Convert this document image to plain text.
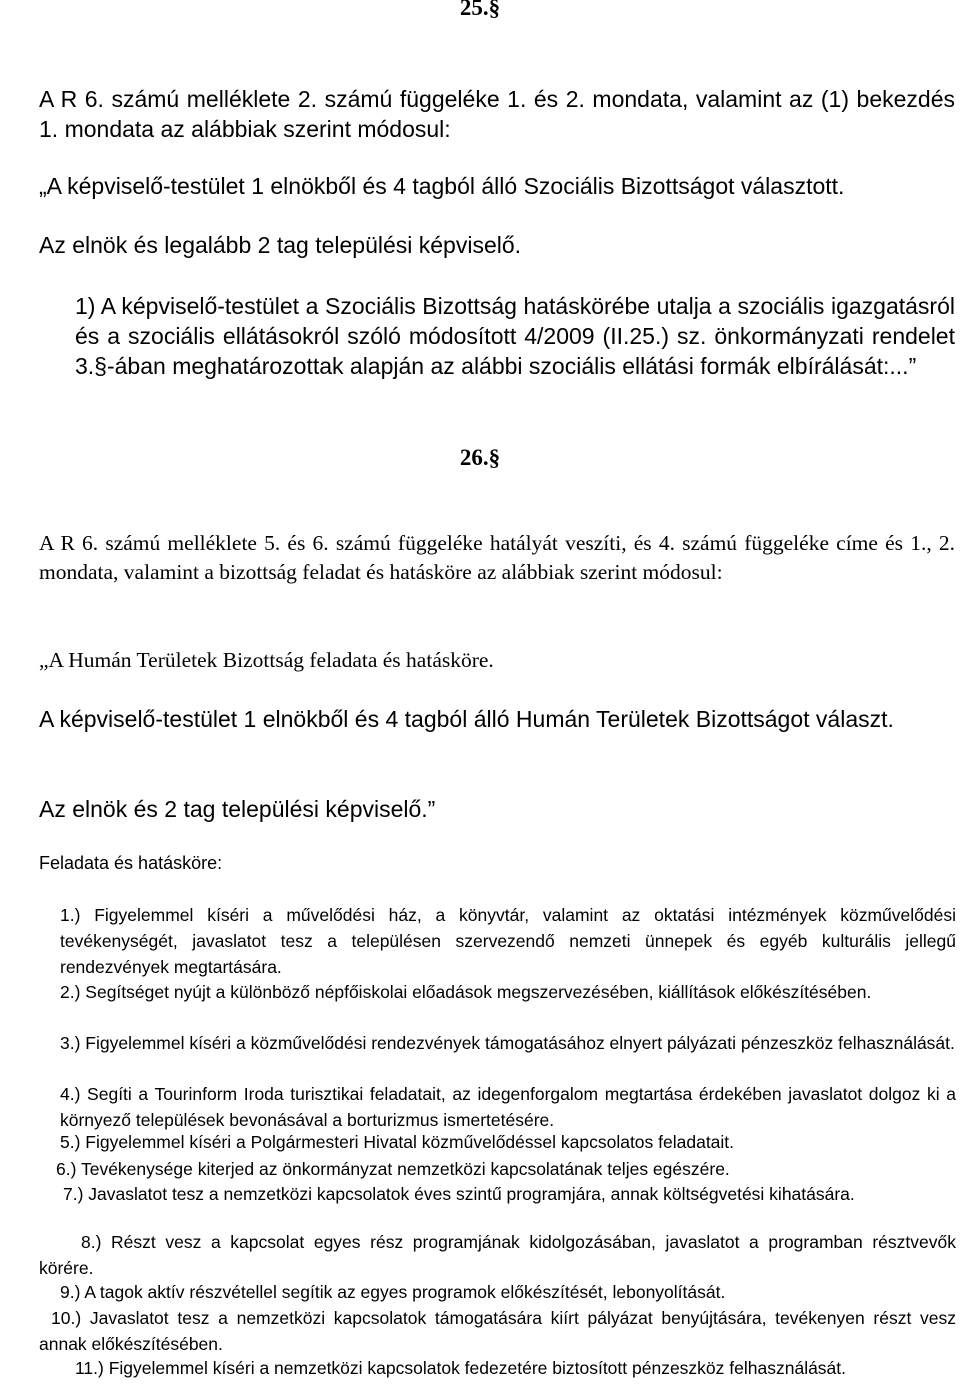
25.§

A R 6. számú melléklete 2. számú függeléke 1. és 2. mondata, valamint az (1) bekezdés 1. mondata az alábbiak szerint módosul:

„A képviselő-testület 1 elnökből és 4 tagból álló Szociális Bizottságot választott.

Az elnök és legalább 2 tag települési képviselő.

1) A képviselő-testület a Szociális Bizottság hatáskörébe utalja a szociális igazgatásról és a szociális ellátásokról szóló módosított 4/2009 (II.25.) sz. önkormányzati rendelet 3.§-ában meghatározottak alapján az alábbi szociális ellátási formák elbírálását:...”

26.§

A R 6. számú melléklete 5. és 6. számú függeléke hatályát veszíti, és 4. számú függeléke címe és 1., 2. mondata, valamint a bizottság feladat és hatásköre az alábbiak szerint módosul:

„A Humán Területek Bizottság feladata és hatásköre.

A képviselő-testület 1 elnökből és 4 tagból álló Humán Területek Bizottságot választ.

Az elnök és 2 tag települési képviselő.”

Feladata és hatásköre:

1.) Figyelemmel kíséri a művelődési ház, a könyvtár, valamint az oktatási intézmények közművelődési tevékenységét, javaslatot tesz a településen szervezendő nemzeti ünnepek és egyéb kulturális jellegű rendezvények megtartására.

2.) Segítséget nyújt a különböző népfőiskolai előadások megszervezésében, kiállítások előkészítésében.

3.) Figyelemmel kíséri a közművelődési rendezvények támogatásához elnyert pályázati pénzeszköz felhasználását.

4.) Segíti a Tourinform Iroda turisztikai feladatait, az idegenforgalom megtartása érdekében javaslatot dolgoz ki a környező települések bevonásával a borturizmus ismertetésére.

5.) Figyelemmel kíséri a Polgármesteri Hivatal közművelődéssel kapcsolatos feladatait.

6.) Tevékenysége kiterjed az önkormányzat nemzetközi kapcsolatának teljes egészére.

7.) Javaslatot tesz a nemzetközi kapcsolatok éves szintű programjára, annak költségvetési kihatására.

8.) Részt vesz a kapcsolat egyes rész programjának kidolgozásában, javaslatot a programban résztvevők körére.

9.) A tagok aktív részvétellel segítik az egyes programok előkészítését, lebonyolítását.

10.) Javaslatot tesz a nemzetközi kapcsolatok támogatására kiírt pályázat benyújtására, tevékenyen részt vesz annak előkészítésében.

11.) Figyelemmel kíséri a nemzetközi kapcsolatok fedezetére biztosított pénzeszköz felhasználását.
